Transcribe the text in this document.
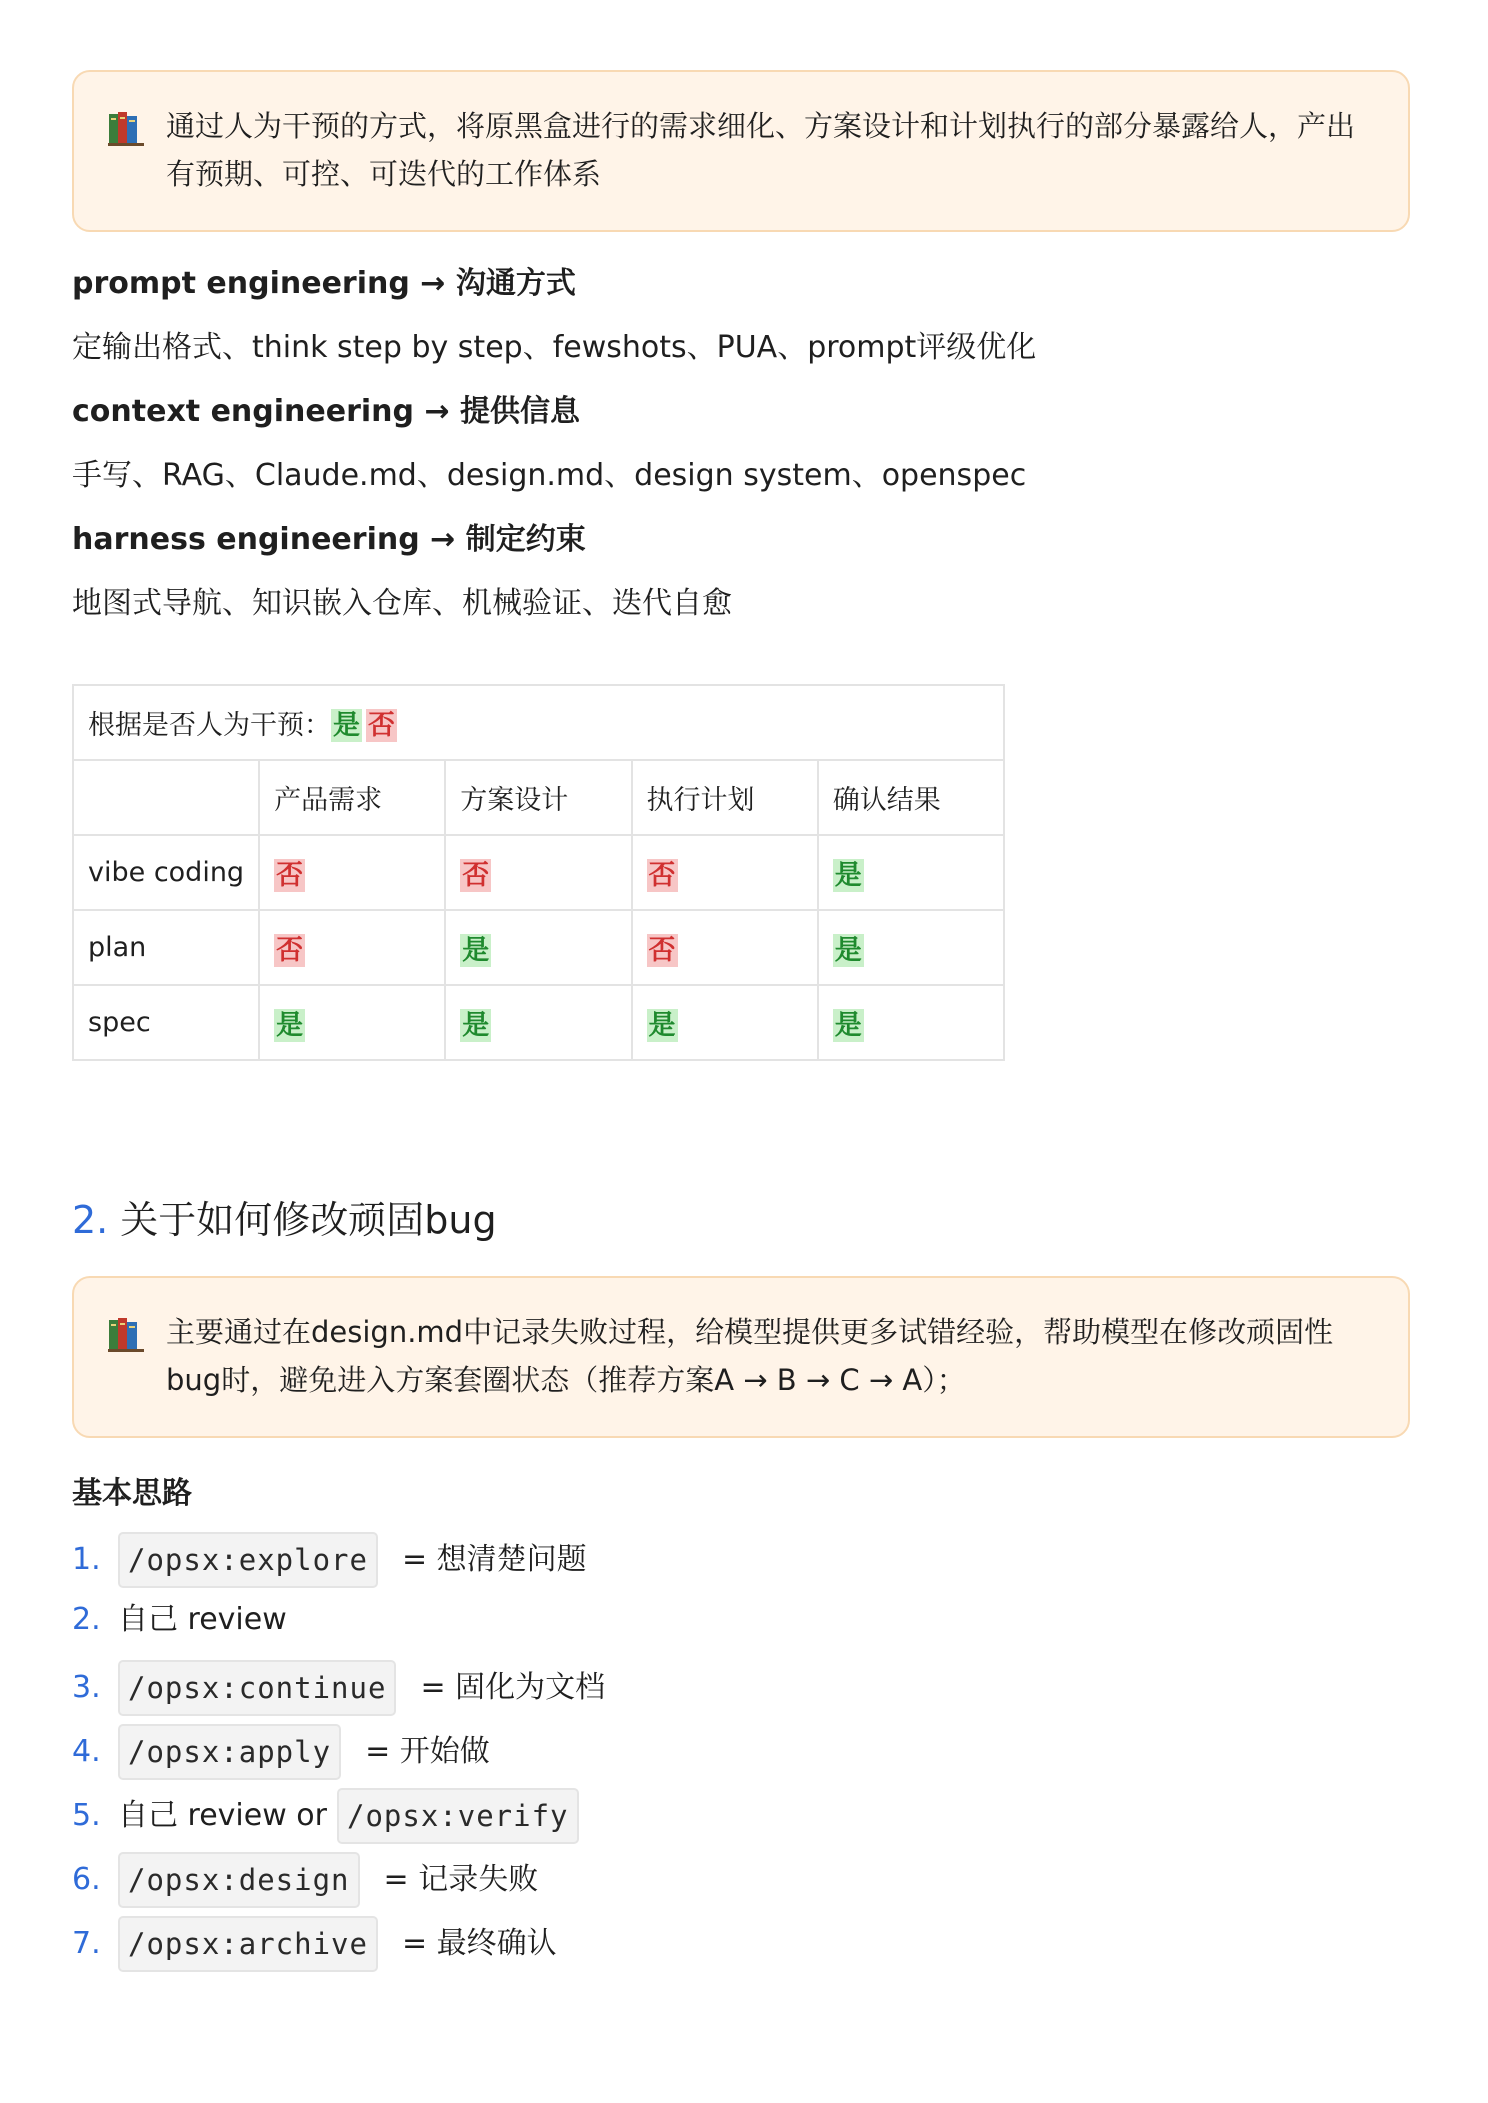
通过人为干预的方式，将原黑盒进行的需求细化、方案设计和计划执行的部分暴露给人，产出有预期、可控、可迭代的工作体系
prompt engineering → 沟通方式
定输出格式、think step by step、fewshots、PUA、prompt评级优化
context engineering → 提供信息
手写、RAG、Claude.md、design.md、design system、openspec
harness engineering → 制定约束
地图式导航、知识嵌入仓库、机械验证、迭代自愈
根据是否人为干预：是 否				
	产品需求	方案设计	执行计划	确认结果
vibe coding	否	否	否	是
plan	否	是	否	是
spec	是	是	是	是
2. 关于如何修改顽固bug
主要通过在design.md中记录失败过程，给模型提供更多试错经验，帮助模型在修改顽固性bug时，避免进入方案套圈状态（推荐方案A → B → C → A）；
基本思路
1. /opsx:explore	= 想清楚问题
2. 自己 review
3. /opsx:continue	= 固化为文档
4. /opsx:apply	= 开始做
5. 自己 review or /opsx:verify
6. /opsx:design	= 记录失败
7. /opsx:archive	= 最终确认
